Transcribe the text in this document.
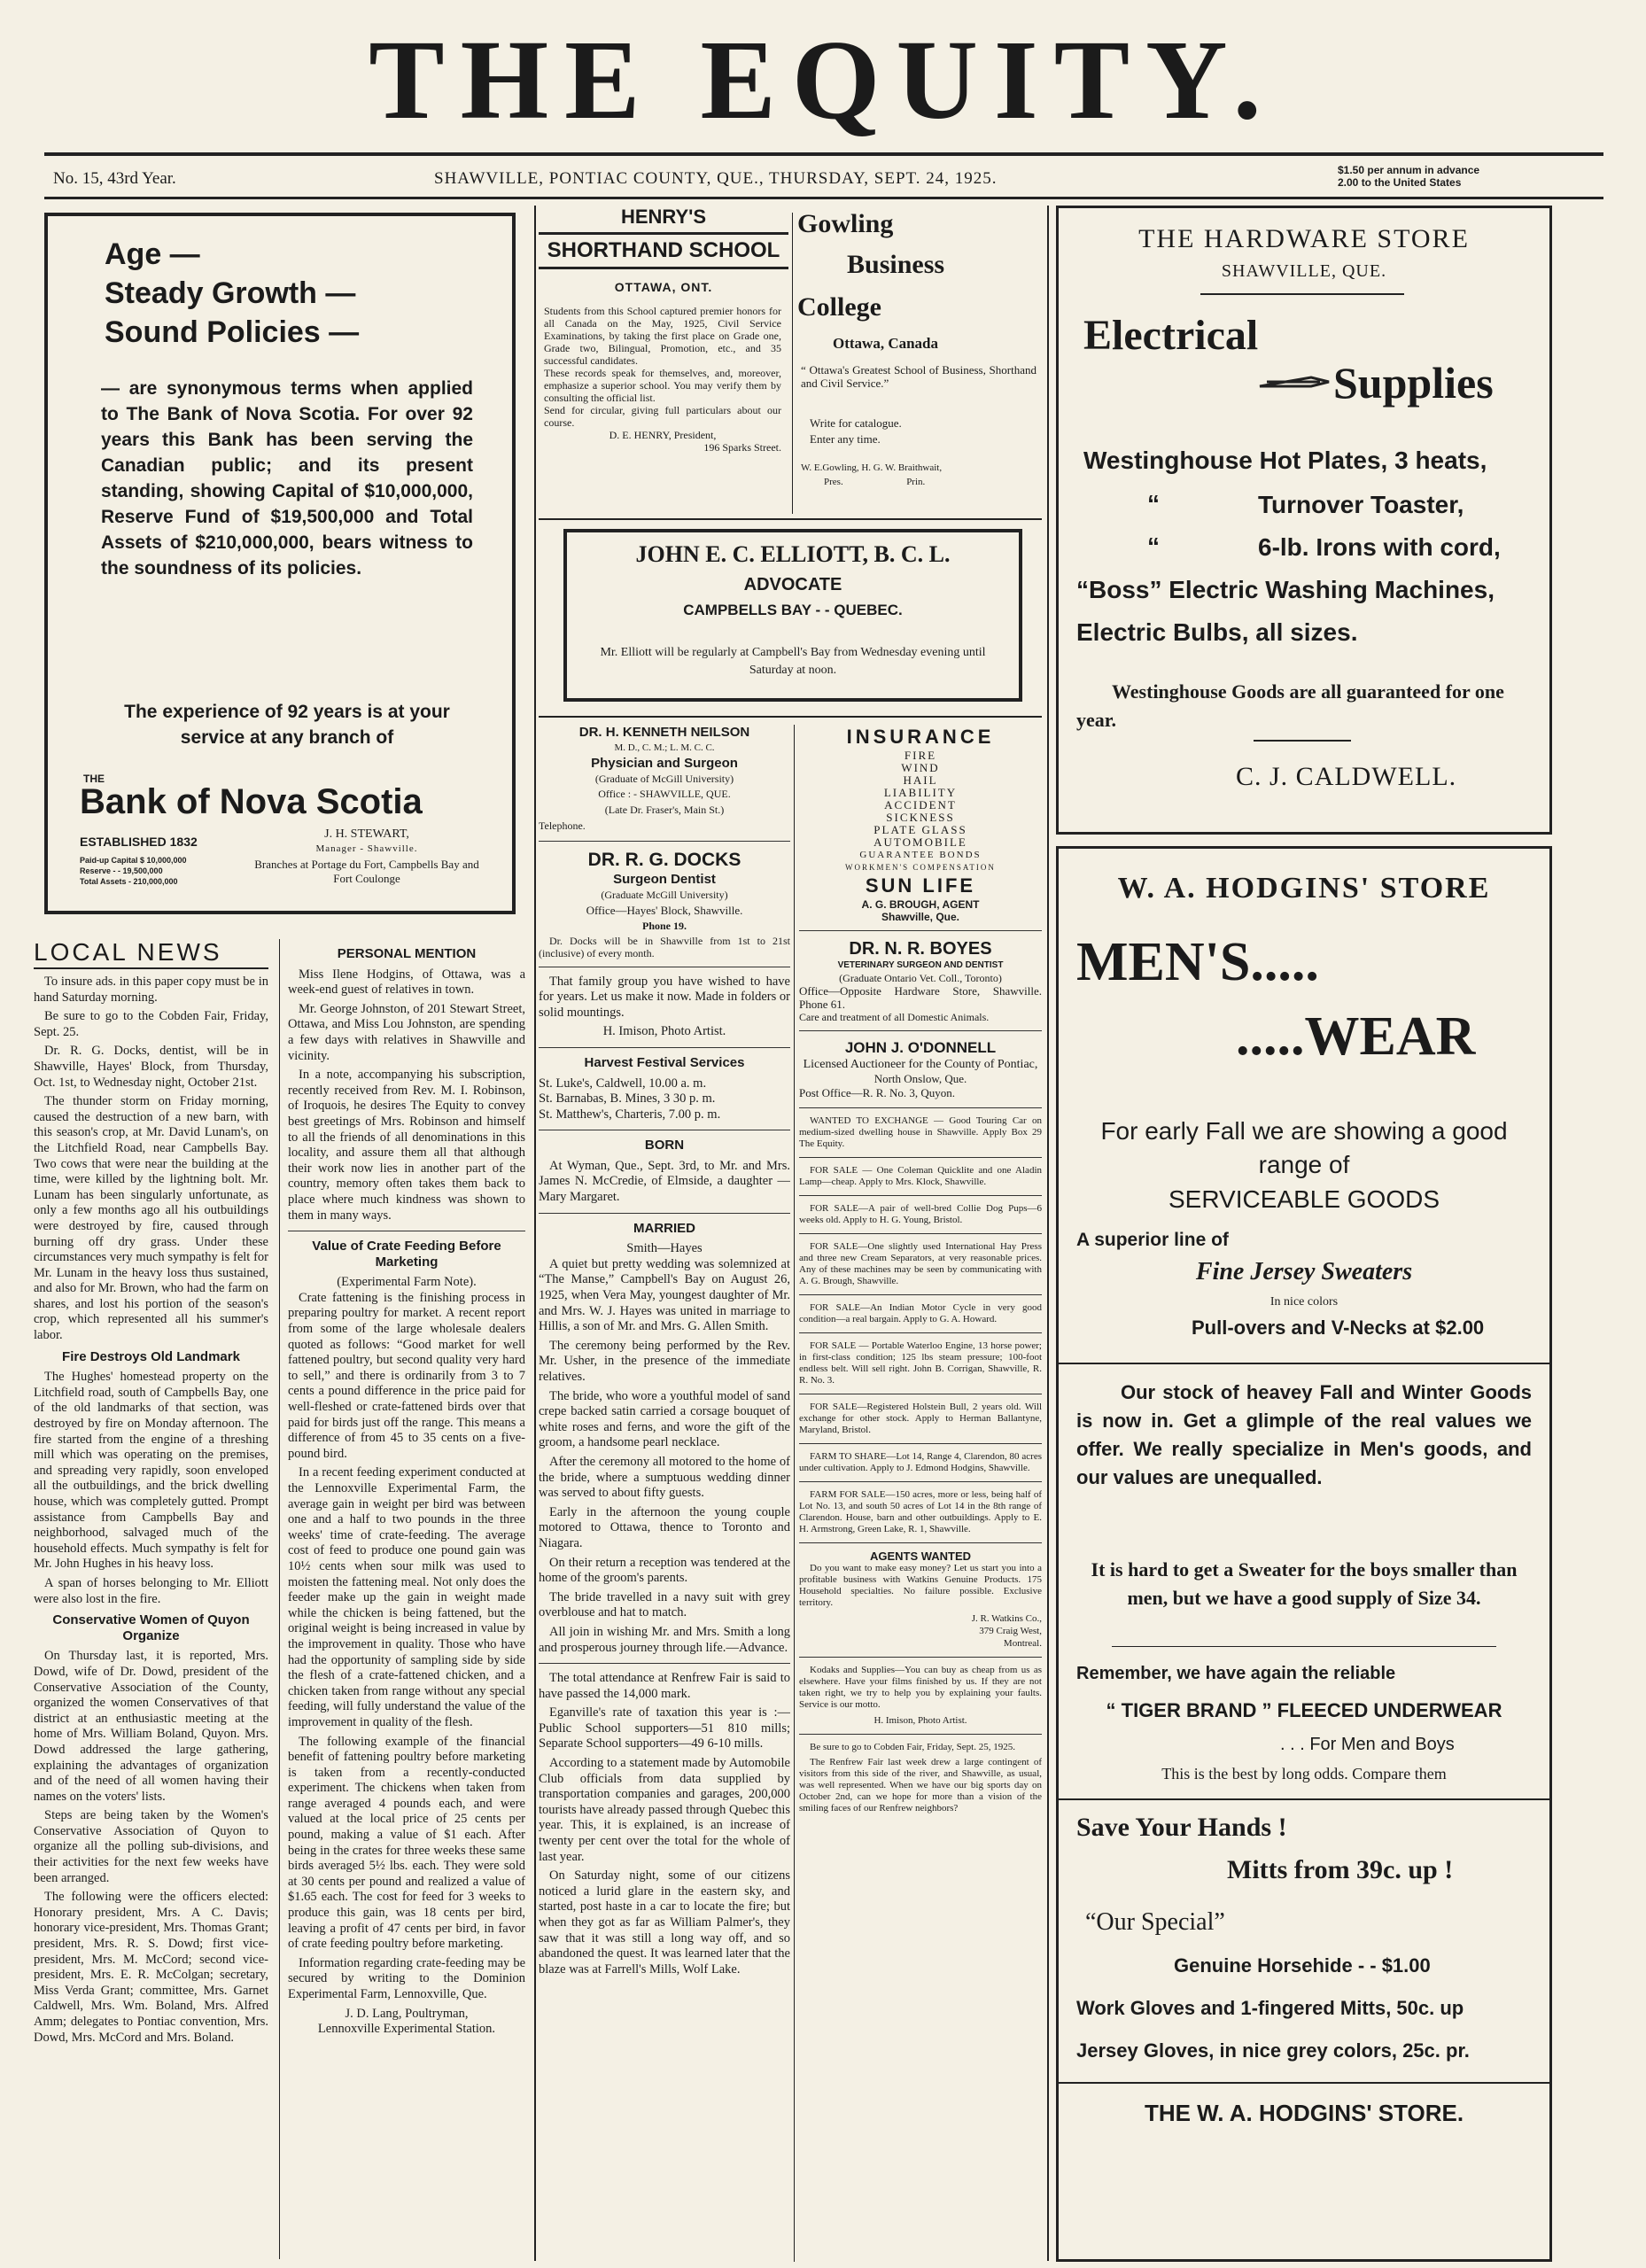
THE EQUITY.
No. 15, 43rd Year.	SHAWVILLE, PONTIAC COUNTY, QUE., THURSDAY, SEPT. 24, 1925.	$1.50 per annum in advance
2.00 to the United States
Age —
Steady Growth —
Sound Policies —
— are synonymous terms when applied to The Bank of Nova Scotia. For over 92 years this Bank has been serving the Canadian public; and its present standing, showing Capital of $10,000,000, Reserve Fund of $19,500,000 and Total Assets of $210,000,000, bears witness to the soundness of its policies.
The experience of 92 years is at your service at any branch of
THE
Bank of Nova Scotia
ESTABLISHED 1832
Paid-up Capital $ 10,000,000
Reserve - - 19,500,000
Total Assets - 210,000,000
J. H. STEWART,
Manager - Shawville.
Branches at Portage du Fort, Campbells Bay and Fort Coulonge
LOCAL NEWS

To insure ads. in this paper copy must be in hand Saturday morning.

Be sure to go to the Cobden Fair, Friday, Sept. 25.

Dr. R. G. Docks, dentist, will be in Shawville, Hayes' Block, from Thursday, Oct. 1st, to Wednesday night, October 21st.

The thunder storm on Friday morning, caused the destruction of a new barn, with this season's crop, at Mr. David Lunam's, on the Litchfield Road, near Campbells Bay. Two cows that were near the building at the time, were killed by the lightning bolt. Mr. Lunam has been singularly unfortunate, as only a few months ago all his outbuildings were destroyed by fire, caused through burning off dry grass. Under these circumstances very much sympathy is felt for Mr. Lunam in the heavy loss thus sustained, and also for Mr. Brown, who had the farm on shares, and lost his portion of the season's crop, which represented all his summer's labor.

Fire Destroys Old Landmark

The Hughes' homestead property on the Litchfield road, south of Campbells Bay, one of the old landmarks of that section, was destroyed by fire on Monday afternoon. The fire started from the engine of a threshing mill which was operating on the premises, and spreading very rapidly, soon enveloped all the outbuildings, and the brick dwelling house, which was completely gutted. Prompt assistance from Campbells Bay and neighborhood, salvaged much of the household effects. Much sympathy is felt for Mr. John Hughes in his heavy loss.

A span of horses belonging to Mr. Elliott were also lost in the fire.

Conservative Women of Quyon Organize

On Thursday last, it is reported, Mrs. Dowd, wife of Dr. Dowd, president of the Conservative Association of the County, organized the women Conservatives of that district at an enthusiastic meeting at the home of Mrs. William Boland, Quyon. Mrs. Dowd addressed the large gathering, explaining the advantages of organization and of the need of all women having their names on the voters' lists.

Steps are being taken by the Women's Conservative Association of Quyon to organize all the polling sub-divisions, and their activities for the next few weeks have been arranged.

The following were the officers elected: Honorary president, Mrs. A C. Davis; honorary vice-president, Mrs. Thomas Grant; president, Mrs. R. S. Dowd; first vice-president, Mrs. M. McCord; second vice-president, Mrs. E. R. McColgan; secretary, Miss Verda Grant; committee, Mrs. Garnet Caldwell, Mrs. Wm. Boland, Mrs. Alfred Amm; delegates to Pontiac convention, Mrs. Dowd, Mrs. McCord and Mrs. Boland.

PERSONAL MENTION

Miss Ilene Hodgins, of Ottawa, was a week-end guest of relatives in town.

Mr. George Johnston, of 201 Stewart Street, Ottawa, and Miss Lou Johnston, are spending a few days with relatives in Shawville and vicinity.

In a note, accompanying his subscription, recently received from Rev. M. I. Robinson, of Iroquois, he desires The Equity to convey best greetings of Mrs. Robinson and himself to all the friends of all denominations in this locality, and assure them all that although their work now lies in another part of the country, memory often takes them back to place where much kindness was shown to them in many ways.

Value of Crate Feeding Before Marketing
(Experimental Farm Note).

Crate fattening is the finishing process in preparing poultry for market. A recent report from some of the large wholesale dealers quoted as follows: “Good market for well fattened poultry, but second quality very hard to sell,” and there is ordinarily from 3 to 7 cents a pound difference in the price paid for well-fleshed or crate-fattened birds over that paid for birds just off the range. This means a difference of from 45 to 35 cents on a five-pound bird.

In a recent feeding experiment conducted at the Lennoxville Experimental Farm, the average gain in weight per bird was between one and a half to two pounds in the three weeks' time of crate-feeding. The average cost of feed to produce one pound gain was 10½ cents when sour milk was used to moisten the fattening meal. Not only does the feeder make up the gain in weight made while the chicken is being fattened, but the original weight is being increased in value by the improvement in quality. Those who have had the opportunity of sampling side by side the flesh of a crate-fattened chicken, and a chicken taken from range without any special feeding, will fully understand the value of the improvement in quality of the flesh.

The following example of the financial benefit of fattening poultry before marketing is taken from a recently-conducted experiment. The chickens when taken from range averaged 4 pounds each, and were valued at the local price of 25 cents per pound, making a value of $1 each. After being in the crates for three weeks these same birds averaged 5½ lbs. each. They were sold at 30 cents per pound and realized a value of $1.65 each. The cost for feed for 3 weeks to produce this gain, was 18 cents per bird, leaving a profit of 47 cents per bird, in favor of crate feeding poultry before marketing.

Information regarding crate-feeding may be secured by writing to the Dominion Experimental Farm, Lennoxville, Que.

J. D. Lang, Poultryman,
Lennoxville Experimental Station.
HENRY'S
SHORTHAND SCHOOL
OTTAWA, ONT.
Students from this School captured premier honors for all Canada on the May, 1925, Civil Service Examinations, by taking the first place on Grade one, Grade two, Bilingual, Promotion, etc., and 35 successful candidates.
These records speak for themselves, and, moreover, emphasize a superior school. You may verify them by consulting the official list.
Send for circular, giving full particulars about our course.
D. E. HENRY, President,
196 Sparks Street.
Gowling
Business
College
Ottawa, Canada
“ Ottawa's Greatest School of Business, Shorthand and Civil Service.”
Write for catalogue.
Enter any time.
W. E.Gowling, H. G. W. Braithwait,
Pres.                          Prin.
JOHN E. C. ELLIOTT, B. C. L.
ADVOCATE
CAMPBELLS BAY - - QUEBEC.
Mr. Elliott will be regularly at Campbell's Bay from Wednesday evening until Saturday at noon.
DR. H. KENNETH NEILSON
M. D., C. M.; L. M. C. C.
Physician and Surgeon
(Graduate of McGill University)
Office : - SHAWVILLE, QUE.
(Late Dr. Fraser's, Main St.)
Telephone.
DR. R. G. DOCKS
Surgeon Dentist
(Graduate McGill University)
Office—Hayes' Block, Shawville.
Phone 19.

Dr. Docks will be in Shawville from 1st to 21st (inclusive) of every month.

That family group you have wished to have for years. Let us make it now. Made in folders or solid mountings.

H. Imison, Photo Artist.
Harvest Festival Services
St. Luke's, Caldwell, 10.00 a. m.
St. Barnabas, B. Mines, 3 30 p. m.
St. Matthew's, Charteris, 7.00 p. m.
BORN

At Wyman, Que., Sept. 3rd, to Mr. and Mrs. James N. McCredie, of Elmside, a daughter — Mary Margaret.

MARRIED
Smith—Hayes

A quiet but pretty wedding was solemnized at “The Manse,” Campbell's Bay on August 26, 1925, when Vera May, youngest daughter of Mr. and Mrs. W. J. Hayes was united in marriage to Hillis, a son of Mr. and Mrs. G. Allen Smith.

The ceremony being performed by the Rev. Mr. Usher, in the presence of the immediate relatives.

The bride, who wore a youthful model of sand crepe backed satin carried a corsage bouquet of white roses and ferns, and wore the gift of the groom, a handsome pearl necklace.

After the ceremony all motored to the home of the bride, where a sumptuous wedding dinner was served to about fifty guests.

Early in the afternoon the young couple motored to Ottawa, thence to Toronto and Niagara.

On their return a reception was tendered at the home of the groom's parents.

The bride travelled in a navy suit with grey overblouse and hat to match.

All join in wishing Mr. and Mrs. Smith a long and prosperous journey through life.—Advance.

The total attendance at Renfrew Fair is said to have passed the 14,000 mark.

Eganville's rate of taxation this year is :—Public School supporters—51 810 mills; Separate School supporters—49 6-10 mills.

According to a statement made by Automobile Club officials from data supplied by transportation companies and garages, 200,000 tourists have already passed through Quebec this year. This, it is explained, is an increase of twenty per cent over the total for the whole of last year.

On Saturday night, some of our citizens noticed a lurid glare in the eastern sky, and started, post haste in a car to locate the fire; but when they got as far as William Palmer's, they saw that it was still a long way off, and so abandoned the quest. It was learned later that the blaze was at Farrell's Mills, Wolf Lake.

INSURANCE
FIRE
WIND
HAIL
LIABILITY
ACCIDENT
SICKNESS
PLATE GLASS
AUTOMOBILE
GUARANTEE BONDS
WORKMEN'S COMPENSATION
SUN LIFE
A. G. BROUGH, AGENT
Shawville, Que.
DR. N. R. BOYES
VETERINARY SURGEON AND DENTIST
(Graduate Ontario Vet. Coll., Toronto)
Office—Opposite Hardware Store, Shawville. Phone 61.
Care and treatment of all Domestic Animals.
JOHN J. O'DONNELL
Licensed Auctioneer for the County of Pontiac,
North Onslow, Que.
Post Office—R. R. No. 3, Quyon.

WANTED TO EXCHANGE — Good Touring Car on medium-sized dwelling house in Shawville. Apply Box 29 The Equity.

FOR SALE — One Coleman Quicklite and one Aladin Lamp—cheap. Apply to Mrs. Klock, Shawville.

FOR SALE—A pair of well-bred Collie Dog Pups—6 weeks old. Apply to H. G. Young, Bristol.

FOR SALE—One slightly used International Hay Press and three new Cream Separators, at very reasonable prices. Any of these machines may be seen by communicating with A. G. Brough, Shawville.

FOR SALE—An Indian Motor Cycle in very good condition—a real bargain. Apply to G. A. Howard.

FOR SALE — Portable Waterloo Engine, 13 horse power; in first-class condition; 125 lbs steam pressure; 100-foot endless belt. Will sell right. John B. Corrigan, Shawville, R. R. No. 3.

FOR SALE—Registered Holstein Bull, 2 years old. Will exchange for other stock. Apply to Herman Ballantyne, Maryland, Bristol.

FARM TO SHARE—Lot 14, Range 4, Clarendon, 80 acres under cultivation. Apply to J. Edmond Hodgins, Shawville.

FARM FOR SALE—150 acres, more or less, being half of Lot No. 13, and south 50 acres of Lot 14 in the 8th range of Clarendon. House, barn and other outbuildings. Apply to E. H. Armstrong, Green Lake, R. 1, Shawville.

AGENTS WANTED

Do you want to make easy money? Let us start you into a profitable business with Watkins Genuine Products. 175 Household specialties. No failure possible. Exclusive territory.

J. R. Watkins Co.,
379 Craig West,
Montreal.

Kodaks and Supplies—You can buy as cheap from us as elsewhere. Have your films finished by us. If they are not taken right, we try to help you by explaining your faults. Service is our motto.

H. Imison, Photo Artist.

Be sure to go to Cobden Fair, Friday, Sept. 25, 1925.

The Renfrew Fair last week drew a large contingent of visitors from this side of the river, and Shawville, as usual, was well represented. When we have our big sports day on October 2nd, can we hope for more than a vision of the smiling faces of our Renfrew neighbors?

THE HARDWARE STORE
SHAWVILLE, QUE.
Electrical
Supplies
Westinghouse Hot Plates, 3 heats,
“	Turnover Toaster,
“	6-lb. Irons with cord,
“Boss” Electric Washing Machines,
Electric Bulbs, all sizes.
Westinghouse Goods are all guaranteed for one year.
C. J. CALDWELL.
W. A. HODGINS' STORE
MEN'S.....
.....WEAR
For early Fall we are showing a good range of
SERVICEABLE GOODS
A superior line of
Fine Jersey Sweaters
In nice colors
Pull-overs and V-Necks at $2.00
Our stock of heavey Fall and Winter Goods is now in. Get a glimple of the real values we offer. We really specialize in Men's goods, and our values are unequalled.
It is hard to get a Sweater for the boys smaller than men, but we have a good supply of Size 34.
Remember, we have again the reliable
“ TIGER BRAND ” FLEECED UNDERWEAR
. . . For Men and Boys
This is the best by long odds. Compare them
Save Your Hands !
Mitts from 39c. up !
“Our Special”
Genuine Horsehide - - $1.00
Work Gloves and 1-fingered Mitts, 50c. up
Jersey Gloves, in nice grey colors, 25c. pr.
THE W. A. HODGINS' STORE.
